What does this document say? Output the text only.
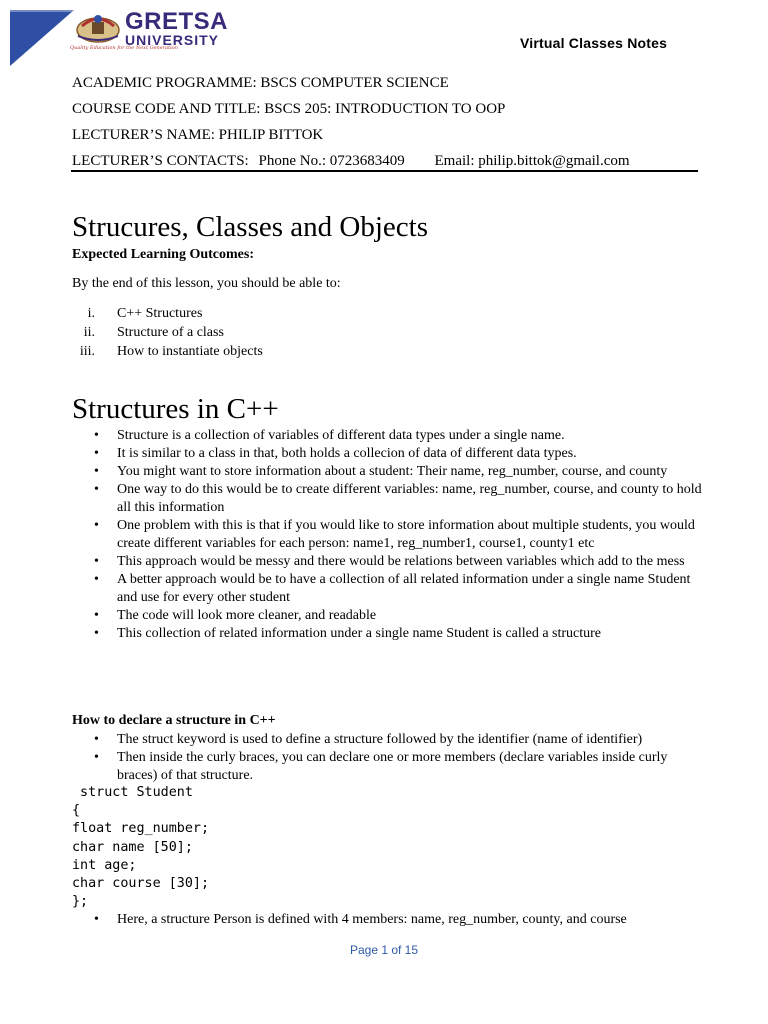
GRETSA
UNIVERSITY
Quality Education for the Next Generation	Virtual Classes Notes
ACADEMIC PROGRAMME: BSCS COMPUTER SCIENCE
COURSE CODE AND TITLE: BSCS 205: INTRODUCTION TO OOP
LECTURER’S NAME: PHILIP BITTOK
LECTURER’S CONTACTS: Phone No.: 0723683409 Email: philip.bittok@gmail.com
Strucures, Classes and Objects
Expected Learning Outcomes:
By the end of this lesson, you should be able to:
i. C++ Structures
ii. Structure of a class
iii. How to instantiate objects
Structures in C++
• Structure is a collection of variables of different data types under a single name.
• It is similar to a class in that, both holds a collecion of data of different data types.
• You might want to store information about a student: Their name, reg_number, course, and county
• One way to do this would be to create different variables: name, reg_number, course, and county to hold all this information
• One problem with this is that if you would like to store information about multiple students, you would create different variables for each person: name1, reg_number1, course1, county1 etc
• This approach would be messy and there would be relations between variables which add to the mess
• A better approach would be to have a collection of all related information under a single name Student and use for every other student
• The code will look more cleaner, and readable
• This collection of related information under a single name Student is called a structure
How to declare a structure in C++
• The struct keyword is used to define a structure followed by the identifier (name of identifier)
• Then inside the curly braces, you can declare one or more members (declare variables inside curly braces) of that structure.
struct Student
{
float reg_number;
char name [50];
int age;
char course [30];
};
• Here, a structure Person is defined with 4 members: name, reg_number, county, and course
Page 1 of 15
